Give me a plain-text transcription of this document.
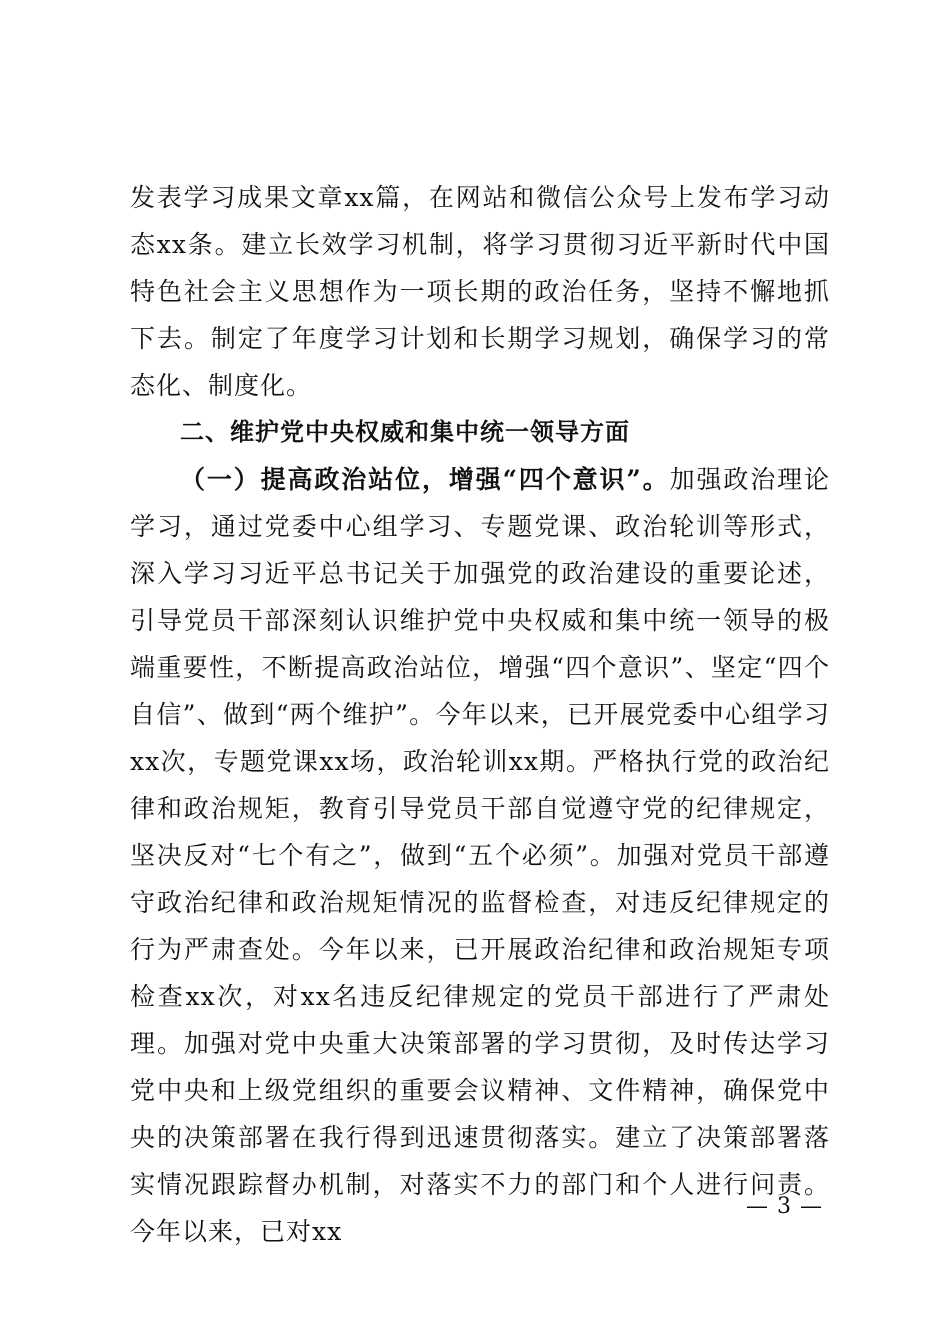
发表学习成果文章xx篇，在网站和微信公众号上发布学习动态xx条。建立长效学习机制，将学习贯彻习近平新时代中国特色社会主义思想作为一项长期的政治任务，坚持不懈地抓下去。制定了年度学习计划和长期学习规划，确保学习的常态化、制度化。

二、维护党中央权威和集中统一领导方面

（一）提高政治站位，增强“四个意识”。加强政治理论学习，通过党委中心组学习、专题党课、政治轮训等形式，深入学习习近平总书记关于加强党的政治建设的重要论述，引导党员干部深刻认识维护党中央权威和集中统一领导的极端重要性，不断提高政治站位，增强“四个意识”、坚定“四个自信”、做到“两个维护”。今年以来，已开展党委中心组学习xx次，专题党课xx场，政治轮训xx期。严格执行党的政治纪律和政治规矩，教育引导党员干部自觉遵守党的纪律规定，坚决反对“七个有之”，做到“五个必须”。加强对党员干部遵守政治纪律和政治规矩情况的监督检查，对违反纪律规定的行为严肃查处。今年以来，已开展政治纪律和政治规矩专项检查xx次，对xx名违反纪律规定的党员干部进行了严肃处理。加强对党中央重大决策部署的学习贯彻，及时传达学习党中央和上级党组织的重要会议精神、文件精神，确保党中央的决策部署在我行得到迅速贯彻落实。建立了决策部署落实情况跟踪督办机制，对落实不力的部门和个人进行问责。今年以来，已对xx

— 3 —
